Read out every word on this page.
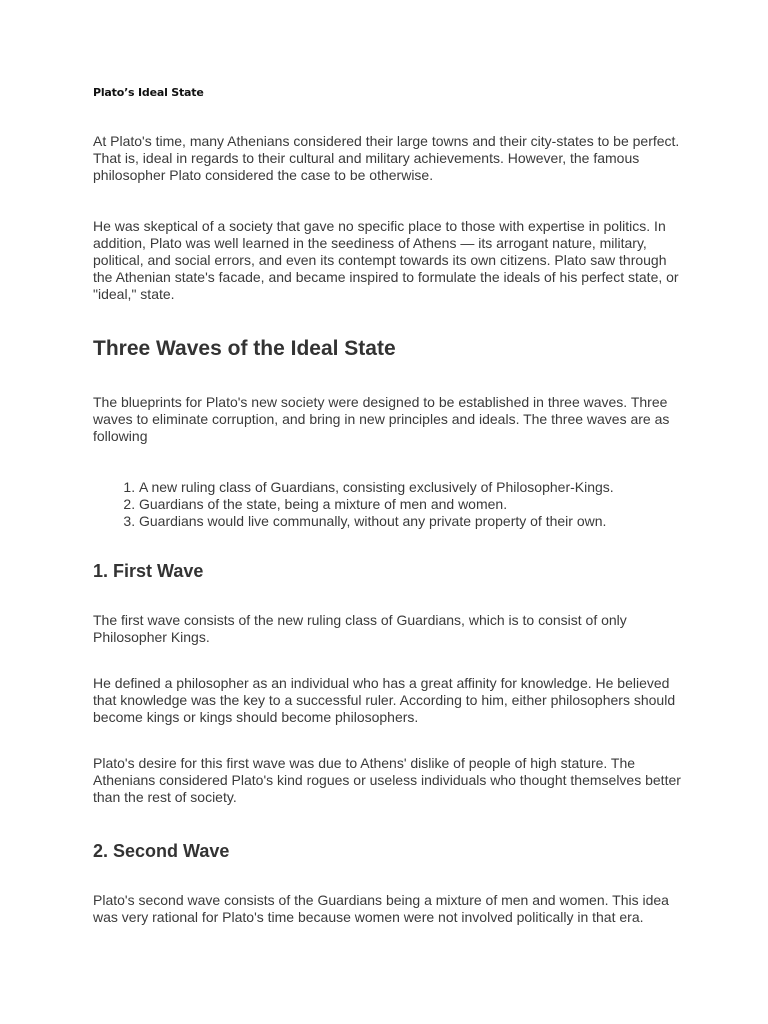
Plato’s Ideal State

At Plato's time, many Athenians considered their large towns and their city-states to be perfect. That is, ideal in regards to their cultural and military achievements. However, the famous philosopher Plato considered the case to be otherwise.

He was skeptical of a society that gave no specific place to those with expertise in politics. In addition, Plato was well learned in the seediness of Athens — its arrogant nature, military, political, and social errors, and even its contempt towards its own citizens. Plato saw through the Athenian state's facade, and became inspired to formulate the ideals of his perfect state, or "ideal," state.

Three Waves of the Ideal State

The blueprints for Plato's new society were designed to be established in three waves. Three waves to eliminate corruption, and bring in new principles and ideals. The three waves are as following

1. A new ruling class of Guardians, consisting exclusively of Philosopher-Kings.
2. Guardians of the state, being a mixture of men and women.
3. Guardians would live communally, without any private property of their own.
1. First Wave

The first wave consists of the new ruling class of Guardians, which is to consist of only Philosopher Kings.

He defined a philosopher as an individual who has a great affinity for knowledge. He believed that knowledge was the key to a successful ruler. According to him, either philosophers should become kings or kings should become philosophers.

Plato's desire for this first wave was due to Athens' dislike of people of high stature. The Athenians considered Plato's kind rogues or useless individuals who thought themselves better than the rest of society.

2. Second Wave

Plato's second wave consists of the Guardians being a mixture of men and women. This idea was very rational for Plato's time because women were not involved politically in that era.
